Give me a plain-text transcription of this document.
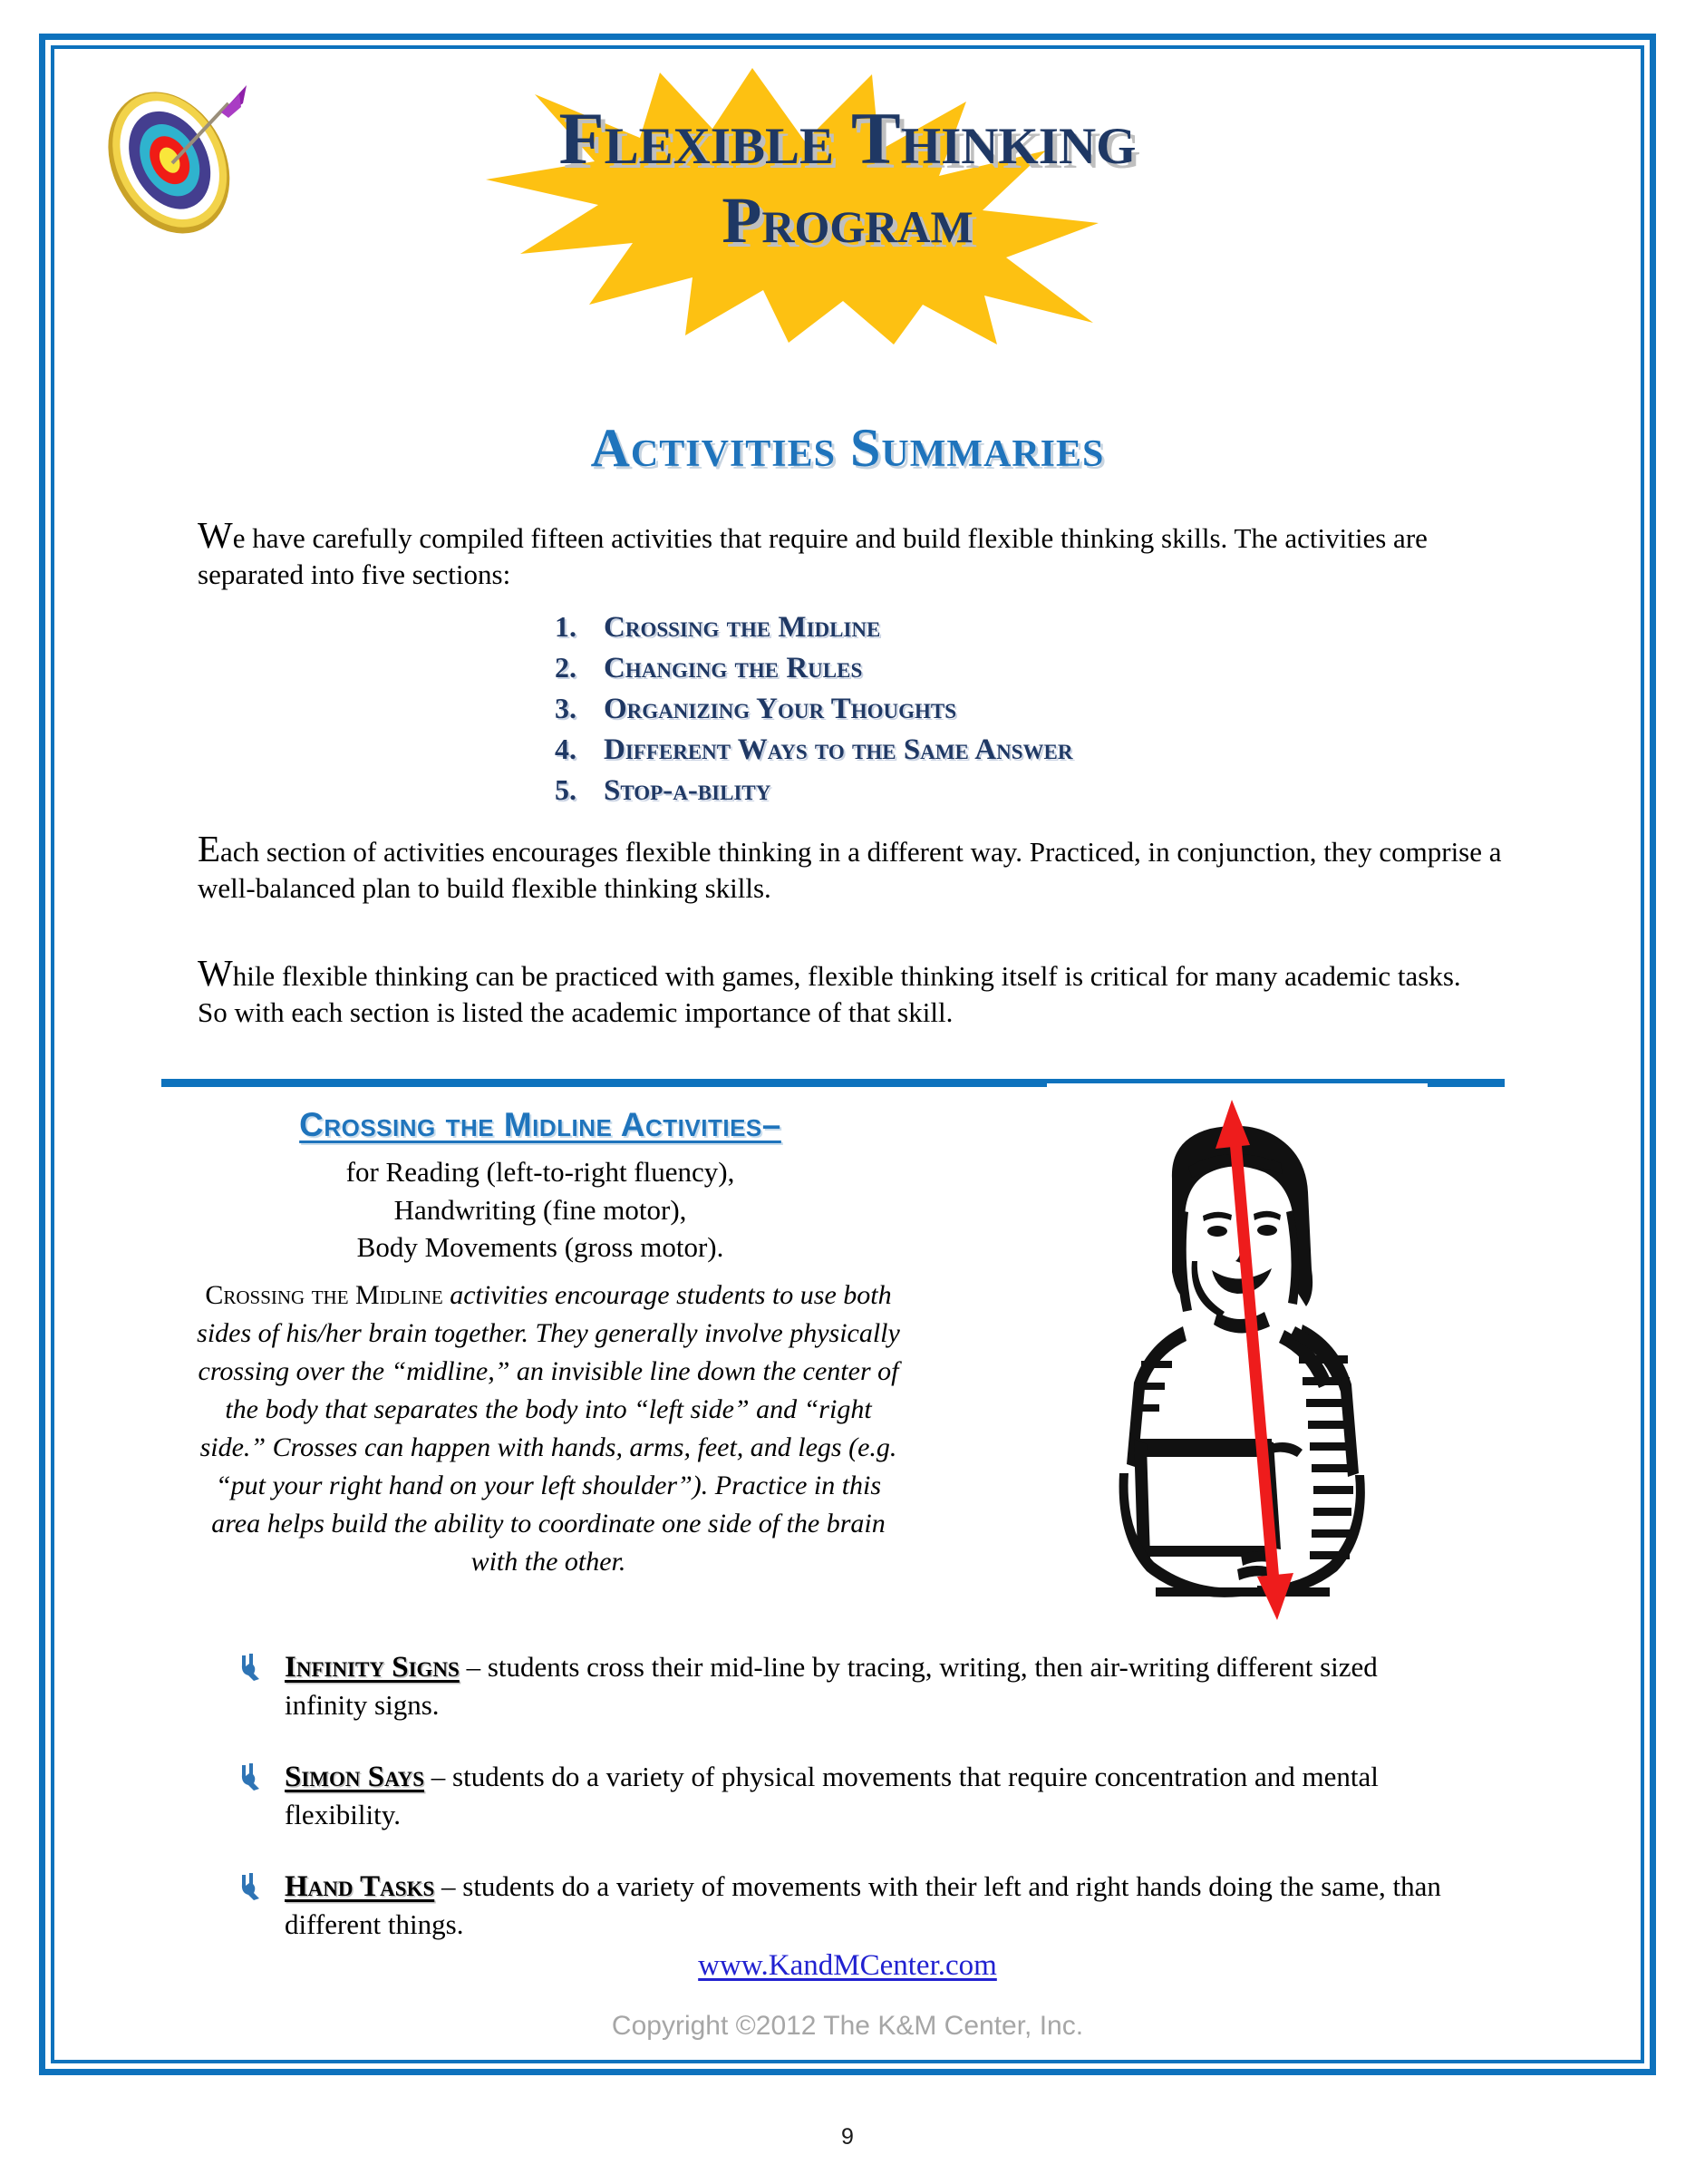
Flexible Thinking
Program
Activities Summaries
We have carefully compiled fifteen activities that require and build flexible thinking skills. The activities are separated into five sections:
1. Crossing the Midline
2. Changing the Rules
3. Organizing Your Thoughts
4. Different Ways to the Same Answer
5. Stop-a-bility
Each section of activities encourages flexible thinking in a different way. Practiced, in conjunction, they comprise a well-balanced plan to build flexible thinking skills.
While flexible thinking can be practiced with games, flexible thinking itself is critical for many academic tasks. So with each section is listed the academic importance of that skill.
Crossing the Midline Activities–
for Reading (left-to-right fluency),
Handwriting (fine motor),
Body Movements (gross motor).
Crossing the Midline activities encourage students to use both sides of his/her brain together. They generally involve physically crossing over the “midline,” an invisible line down the center of the body that separates the body into “left side” and “right side.” Crosses can happen with hands, arms, feet, and legs (e.g. “put your right hand on your left shoulder”). Practice in this area helps build the ability to coordinate one side of the brain with the other.
Infinity Signs – students cross their mid-line by tracing, writing, then air-writing different sized infinity signs.
Simon Says – students do a variety of physical movements that require concentration and mental flexibility.
Hand Tasks – students do a variety of movements with their left and right hands doing the same, than different things.
www.KandMCenter.com
Copyright ©2012 The K&M Center, Inc.
9
